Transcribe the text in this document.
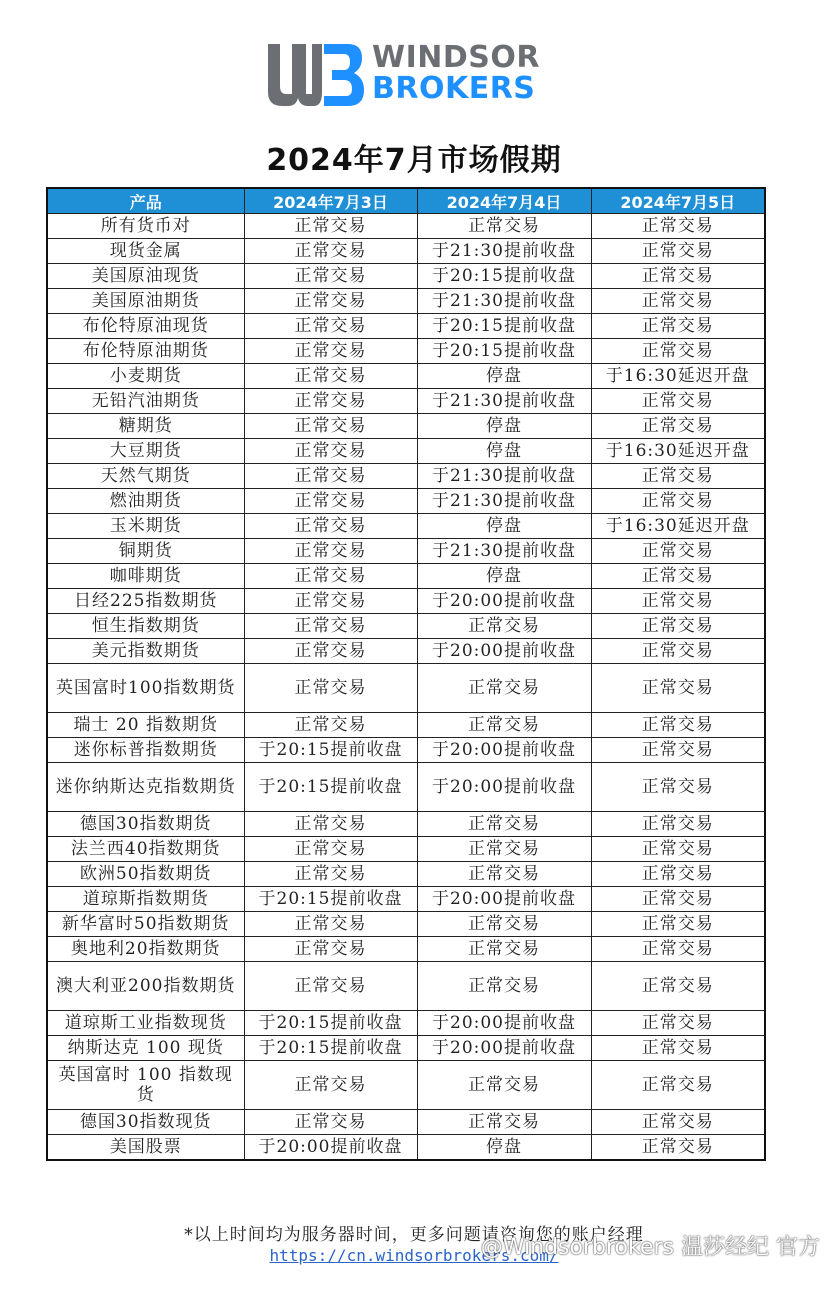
WINDSOR
BROKERS
2024年7月市场假期
产品	2024年7月3日	2024年7月4日	2024年7月5日
所有货币对	正常交易	正常交易	正常交易
现货金属	正常交易	于21:30提前收盘	正常交易
美国原油现货	正常交易	于20:15提前收盘	正常交易
美国原油期货	正常交易	于21:30提前收盘	正常交易
布伦特原油现货	正常交易	于20:15提前收盘	正常交易
布伦特原油期货	正常交易	于20:15提前收盘	正常交易
小麦期货	正常交易	停盘	于16:30延迟开盘
无铅汽油期货	正常交易	于21:30提前收盘	正常交易
糖期货	正常交易	停盘	正常交易
大豆期货	正常交易	停盘	于16:30延迟开盘
天然气期货	正常交易	于21:30提前收盘	正常交易
燃油期货	正常交易	于21:30提前收盘	正常交易
玉米期货	正常交易	停盘	于16:30延迟开盘
铜期货	正常交易	于21:30提前收盘	正常交易
咖啡期货	正常交易	停盘	正常交易
日经225指数期货	正常交易	于20:00提前收盘	正常交易
恒生指数期货	正常交易	正常交易	正常交易
美元指数期货	正常交易	于20:00提前收盘	正常交易
英国富时100指数期货	正常交易	正常交易	正常交易
瑞士 20 指数期货	正常交易	正常交易	正常交易
迷你标普指数期货	于20:15提前收盘	于20:00提前收盘	正常交易
迷你纳斯达克指数期货	于20:15提前收盘	于20:00提前收盘	正常交易
德国30指数期货	正常交易	正常交易	正常交易
法兰西40指数期货	正常交易	正常交易	正常交易
欧洲50指数期货	正常交易	正常交易	正常交易
道琼斯指数期货	于20:15提前收盘	于20:00提前收盘	正常交易
新华富时50指数期货	正常交易	正常交易	正常交易
奥地利20指数期货	正常交易	正常交易	正常交易
澳大利亚200指数期货	正常交易	正常交易	正常交易
道琼斯工业指数现货	于20:15提前收盘	于20:00提前收盘	正常交易
纳斯达克 100 现货	于20:15提前收盘	于20:00提前收盘	正常交易
英国富时 100 指数现货	正常交易	正常交易	正常交易
德国30指数现货	正常交易	正常交易	正常交易
美国股票	于20:00提前收盘	停盘	正常交易
*以上时间均为服务器时间，更多问题请咨询您的账户经理
https://cn.windsorbrokers.com/
@Windsorbrokers 温莎经纪 官方
